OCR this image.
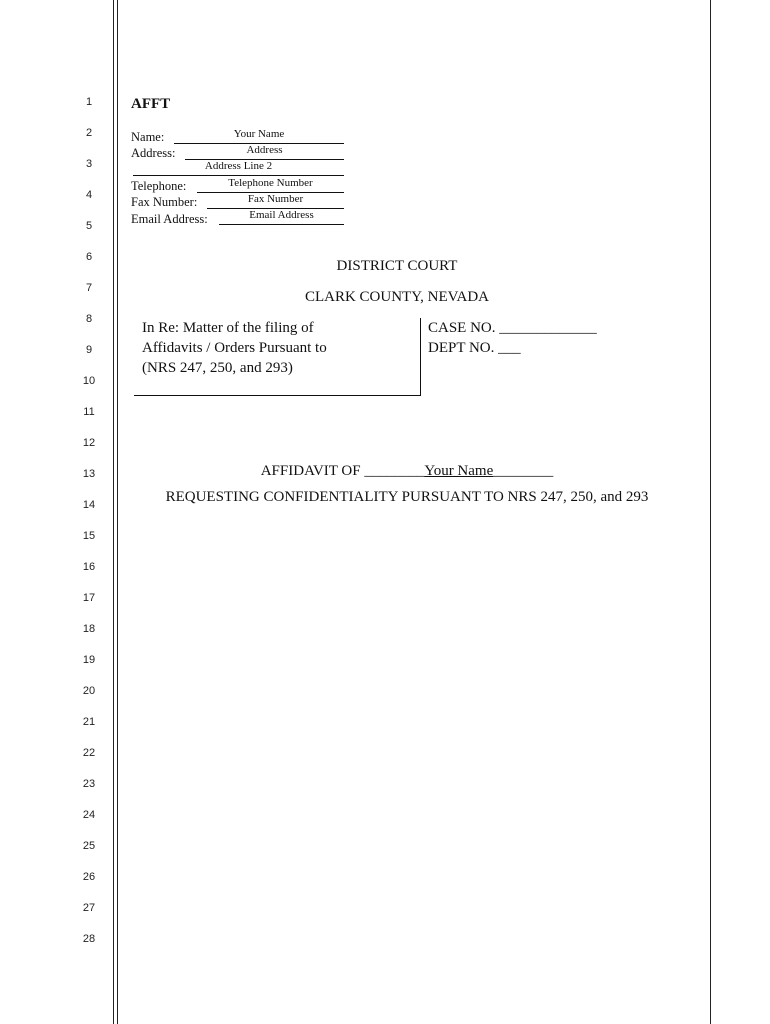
1
2
3
4
5
6
7
8
9
10
11
12
13
14
15
16
17
18
19
20
21
22
23
24
25
26
27
28
AFFT
Name:	Your Name
Address:	Address
Address Line 2
Telephone:	Telephone Number
Fax Number:	Fax Number
Email Address:	Email Address
DISTRICT COURT
CLARK COUNTY, NEVADA
In Re: Matter of the filing of
Affidavits / Orders Pursuant to
(NRS 247, 250, and 293)
CASE NO. _____________
DEPT NO. ___
AFFIDAVIT OF ________Your Name________
REQUESTING CONFIDENTIALITY PURSUANT TO NRS 247, 250, and 293
